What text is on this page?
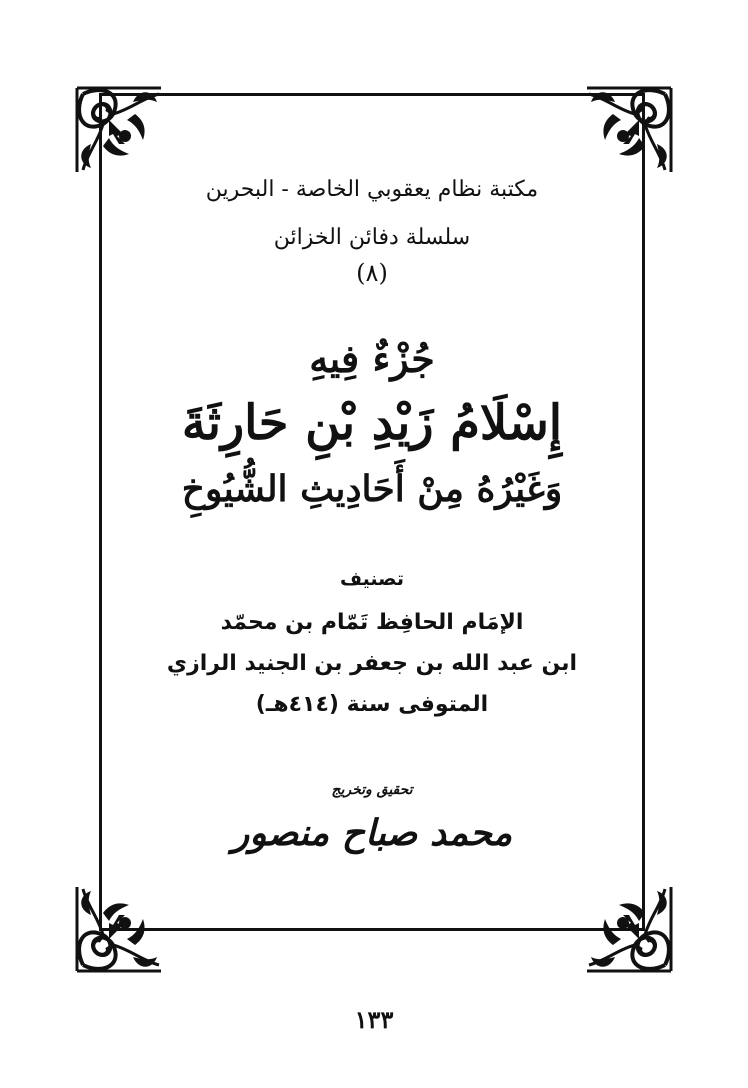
مكتبة نظام يعقوبي الخاصة - البحرين
سلسلة دفائن الخزائن
(٨)
جُزْءٌ فِيهِ
إِسْلَامُ زَيْدِ بْنِ حَارِثَةَ
وَغَيْرُهُ مِنْ أَحَادِيثِ الشُّيُوخِ
تصنيف
الإمَام الحافِظ تَمّام بن محمّد
ابن عبد الله بن جعفر بن الجنيد الرازي
المتوفى سنة (٤١٤هـ)
تحقيق وتخريج
محمد صباح منصور
١٣٣
